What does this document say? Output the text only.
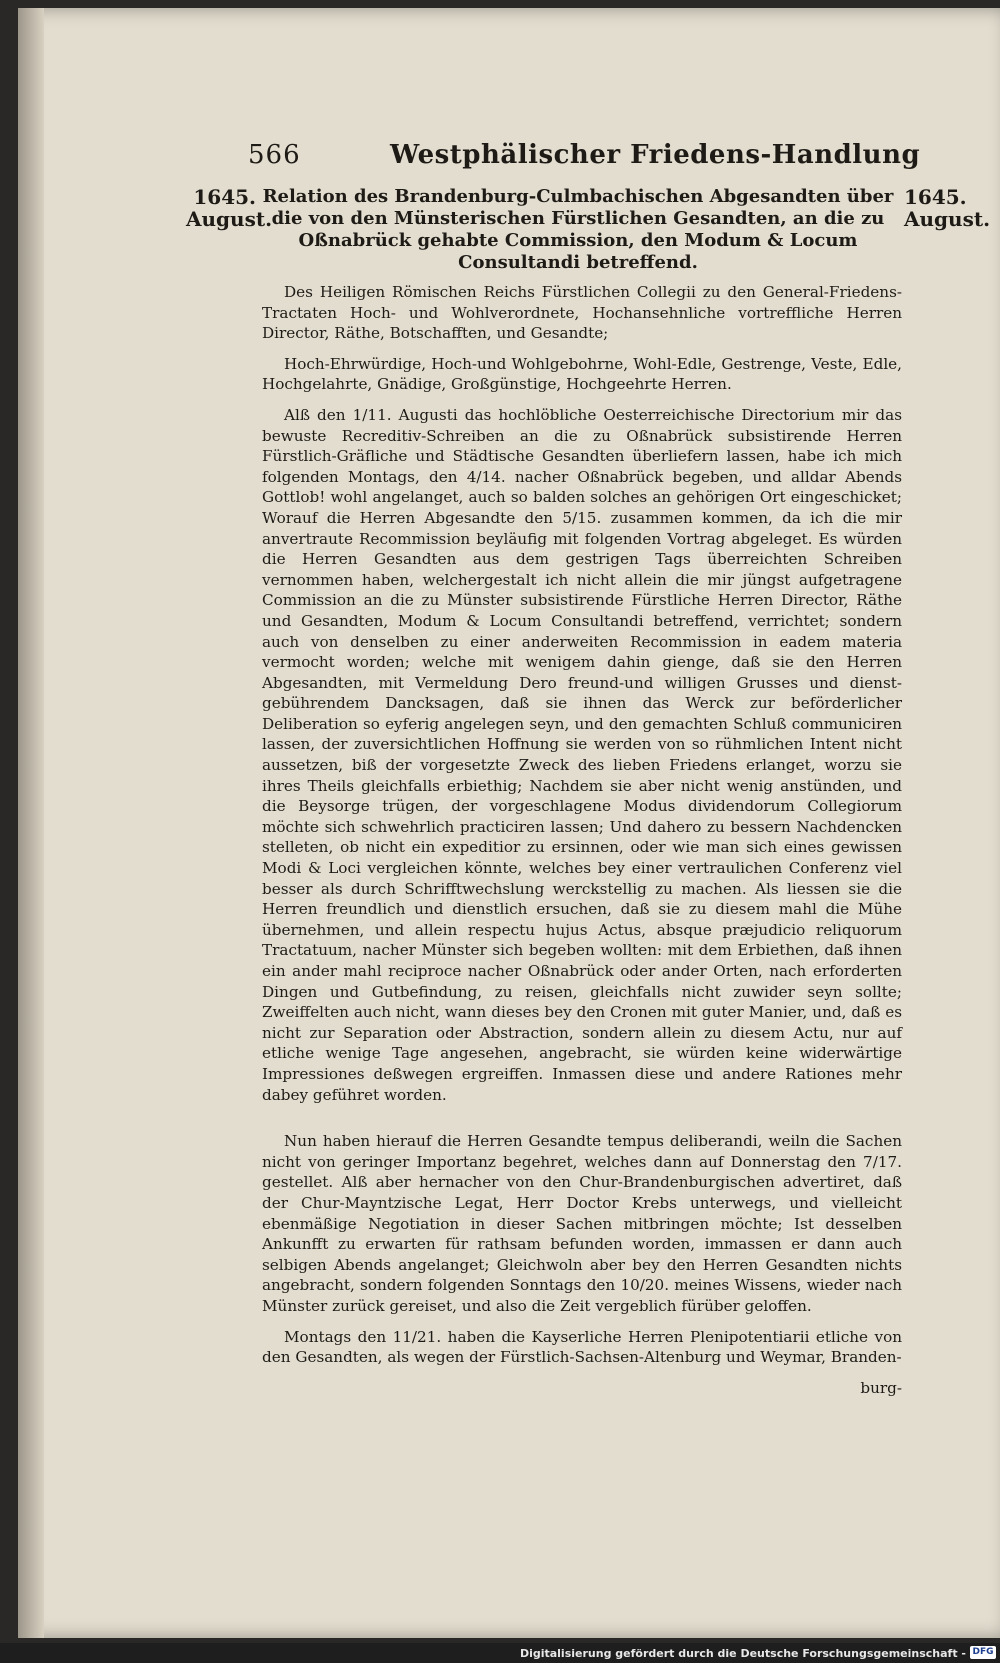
566	Westphälischer Friedens-Handlung
1645.
August.
1645.
August.
Relation des Brandenburg-Culmbachischen Abgesandten über die von den Münsterischen Fürstlichen Gesandten, an die zu Oßnabrück gehabte Commission, den Modum & Locum Consultandi betreffend.

Des Heiligen Römischen Reichs Fürstlichen Collegii zu den General-Friedens-Tractaten Hoch- und Wohlverordnete, Hochansehnliche vortreffliche Herren Director, Räthe, Botschafften, und Gesandte;

Hoch-Ehrwürdige, Hoch-und Wohlgebohrne, Wohl-Edle, Gestrenge, Veste, Edle, Hochgelahrte, Gnädige, Großgünstige, Hochgeehrte Herren.

Alß den 1/11. Augusti das hochlöbliche Oesterreichische Directorium mir das bewuste Recreditiv-Schreiben an die zu Oßnabrück subsistirende Herren Fürstlich-Gräfliche und Städtische Gesandten überliefern lassen, habe ich mich folgenden Montags, den 4/14. nacher Oßnabrück begeben, und alldar Abends Gottlob! wohl angelanget, auch so balden solches an gehörigen Ort eingeschicket; Worauf die Herren Abgesandte den 5/15. zusammen kommen, da ich die mir anvertraute Recommission beyläufig mit folgenden Vortrag abgeleget. Es würden die Herren Gesandten aus dem gestrigen Tags überreichten Schreiben vernommen haben, welchergestalt ich nicht allein die mir jüngst aufgetragene Commission an die zu Münster subsistirende Fürstliche Herren Director, Räthe und Gesandten, Modum & Locum Consultandi betreffend, verrichtet; sondern auch von denselben zu einer anderweiten Recommission in eadem materia vermocht worden; welche mit wenigem dahin gienge, daß sie den Herren Abgesandten, mit Vermeldung Dero freund-und willigen Grusses und dienst-gebührendem Dancksagen, daß sie ihnen das Werck zur beförderlicher Deliberation so eyferig angelegen seyn, und den gemachten Schluß communiciren lassen, der zuversichtlichen Hoffnung sie werden von so rühmlichen Intent nicht aussetzen, biß der vorgesetzte Zweck des lieben Friedens erlanget, worzu sie ihres Theils gleichfalls erbiethig; Nachdem sie aber nicht wenig anstünden, und die Beysorge trügen, der vorgeschlagene Modus dividendorum Collegiorum möchte sich schwehrlich practiciren lassen; Und dahero zu bessern Nachdencken stelleten, ob nicht ein expeditior zu ersinnen, oder wie man sich eines gewissen Modi & Loci vergleichen könnte, welches bey einer vertraulichen Conferenz viel besser als durch Schrifftwechslung werckstellig zu machen. Als liessen sie die Herren freundlich und dienstlich ersuchen, daß sie zu diesem mahl die Mühe übernehmen, und allein respectu hujus Actus, absque præjudicio reliquorum Tractatuum, nacher Münster sich begeben wollten: mit dem Erbiethen, daß ihnen ein ander mahl reciproce nacher Oßnabrück oder ander Orten, nach erforderten Dingen und Gutbefindung, zu reisen, gleichfalls nicht zuwider seyn sollte; Zweiffelten auch nicht, wann dieses bey den Cronen mit guter Manier, und, daß es nicht zur Separation oder Abstraction, sondern allein zu diesem Actu, nur auf etliche wenige Tage angesehen, angebracht, sie würden keine widerwärtige Impressiones deßwegen ergreiffen. Inmassen diese und andere Rationes mehr dabey geführet worden.

Nun haben hierauf die Herren Gesandte tempus deliberandi, weiln die Sachen nicht von geringer Importanz begehret, welches dann auf Donnerstag den 7/17. gestellet. Alß aber hernacher von den Chur-Brandenburgischen advertiret, daß der Chur-Mayntzische Legat, Herr Doctor Krebs unterwegs, und vielleicht ebenmäßige Negotiation in dieser Sachen mitbringen möchte; Ist desselben Ankunfft zu erwarten für rathsam befunden worden, immassen er dann auch selbigen Abends angelanget; Gleichwoln aber bey den Herren Gesandten nichts angebracht, sondern folgenden Sonntags den 10/20. meines Wissens, wieder nach Münster zurück gereiset, und also die Zeit vergeblich fürüber geloffen.

Montags den 11/21. haben die Kayserliche Herren Plenipotentiarii etliche von den Gesandten, als wegen der Fürstlich-Sachsen-Altenburg und Weymar, Branden-

burg-

Digitalisierung gefördert durch die Deutsche Forschungsgemeinschaft - DFG
